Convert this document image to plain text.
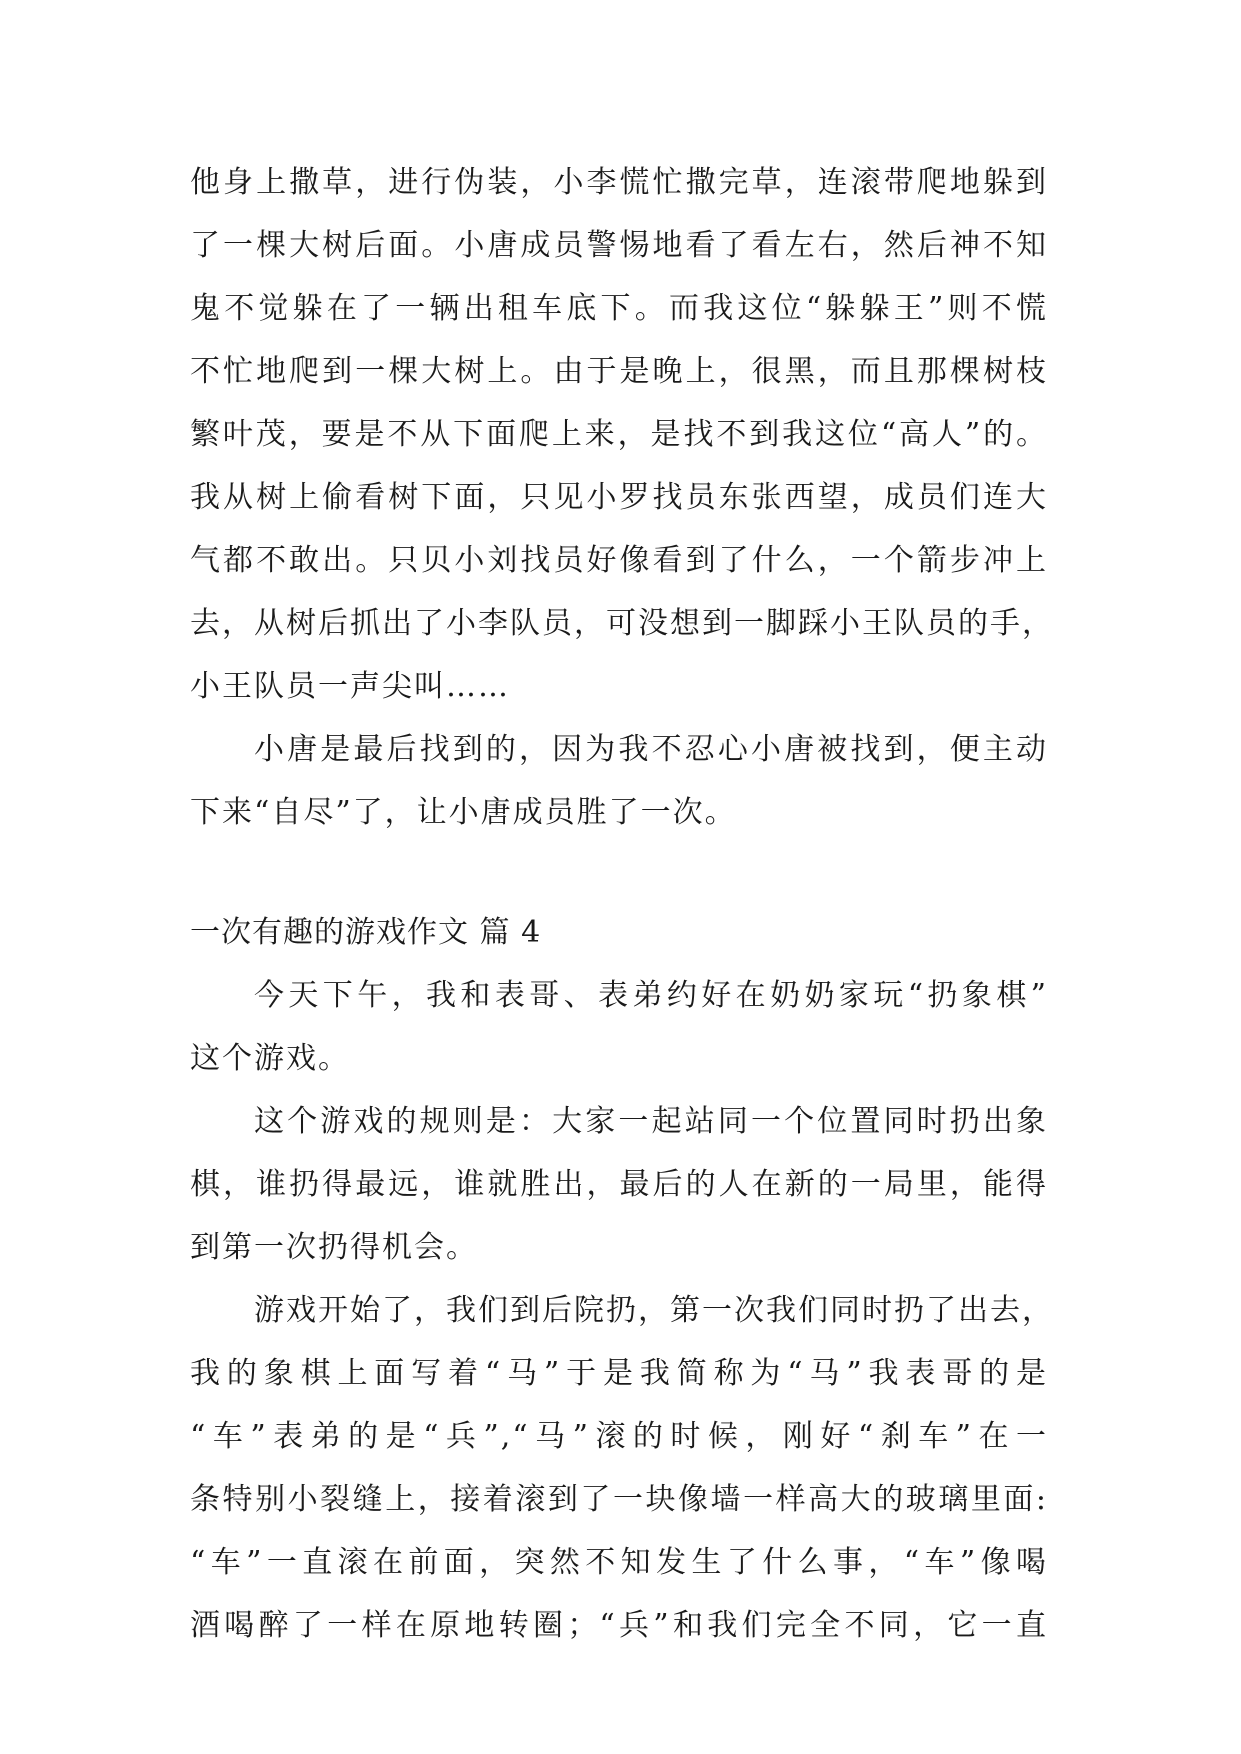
他身上撒草，进行伪装，小李慌忙撒完草，连滚带爬地躲到
了一棵大树后面。小唐成员警惕地看了看左右，然后神不知
鬼不觉躲在了一辆出租车底下。而我这位“躲躲王”则不慌
不忙地爬到一棵大树上。由于是晚上，很黑，而且那棵树枝
繁叶茂，要是不从下面爬上来，是找不到我这位“高人”的。
我从树上偷看树下面，只见小罗找员东张西望，成员们连大
气都不敢出。只贝小刘找员好像看到了什么，一个箭步冲上
去，从树后抓出了小李队员，可没想到一脚踩小王队员的手，
小王队员一声尖叫……
小唐是最后找到的，因为我不忍心小唐被找到，便主动
下来“自尽”了，让小唐成员胜了一次。
一次有趣的游戏作文 篇 4
今天下午，我和表哥、表弟约好在奶奶家玩“扔象棋”
这个游戏。
这个游戏的规则是：大家一起站同一个位置同时扔出象
棋，谁扔得最远，谁就胜出，最后的人在新的一局里，能得
到第一次扔得机会。
游戏开始了，我们到后院扔，第一次我们同时扔了出去，
我的象棋上面写着“马”于是我简称为“马”我表哥的是
“车”表弟的是“兵”,“马”滚的时候，刚好“刹车”在一
条特别小裂缝上，接着滚到了一块像墙一样高大的玻璃里面:
“车”一直滚在前面，突然不知发生了什么事，“车”像喝
酒喝醉了一样在原地转圈；“兵”和我们完全不同，它一直
